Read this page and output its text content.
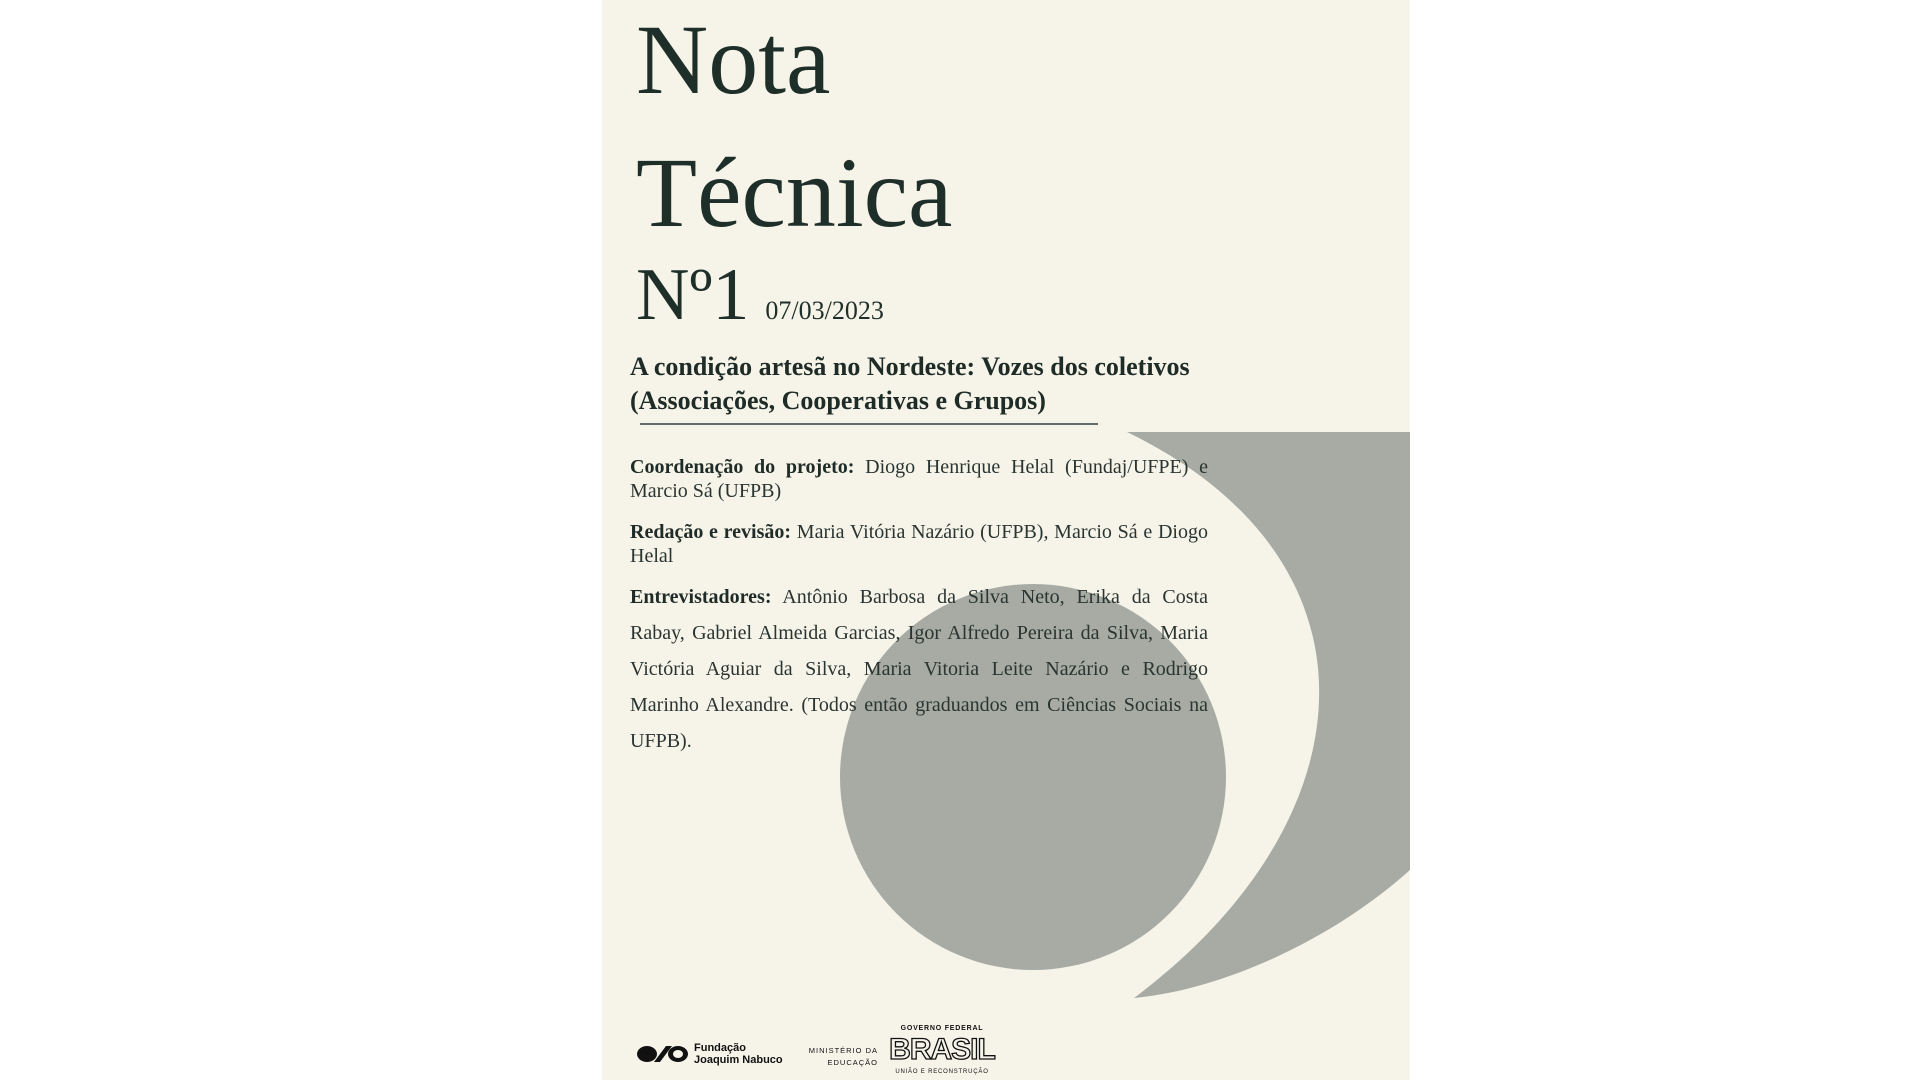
Nota
Técnica
Nº1 07/03/2023
A condição artesã no Nordeste: Vozes dos coletivos
(Associações, Cooperativas e Grupos)

Coordenação do projeto: Diogo Henrique Helal (Fundaj/UFPE) e Marcio Sá (UFPB)

Redação e revisão: Maria Vitória Nazário (UFPB), Marcio Sá e Diogo Helal

Entrevistadores: Antônio Barbosa da Silva Neto, Erika da Costa Rabay, Gabriel Almeida Garcias, Igor Alfredo Pereira da Silva, Maria Victória Aguiar da Silva, Maria Vitoria Leite Nazário e Rodrigo Marinho Alexandre. (Todos então graduandos em Ciências Sociais na UFPB).

Fundação
Joaquim Nabuco
MINISTÉRIO DA
EDUCAÇÃO
GOVERNO FEDERAL
BRASIL
UNIÃO E RECONSTRUÇÃO
